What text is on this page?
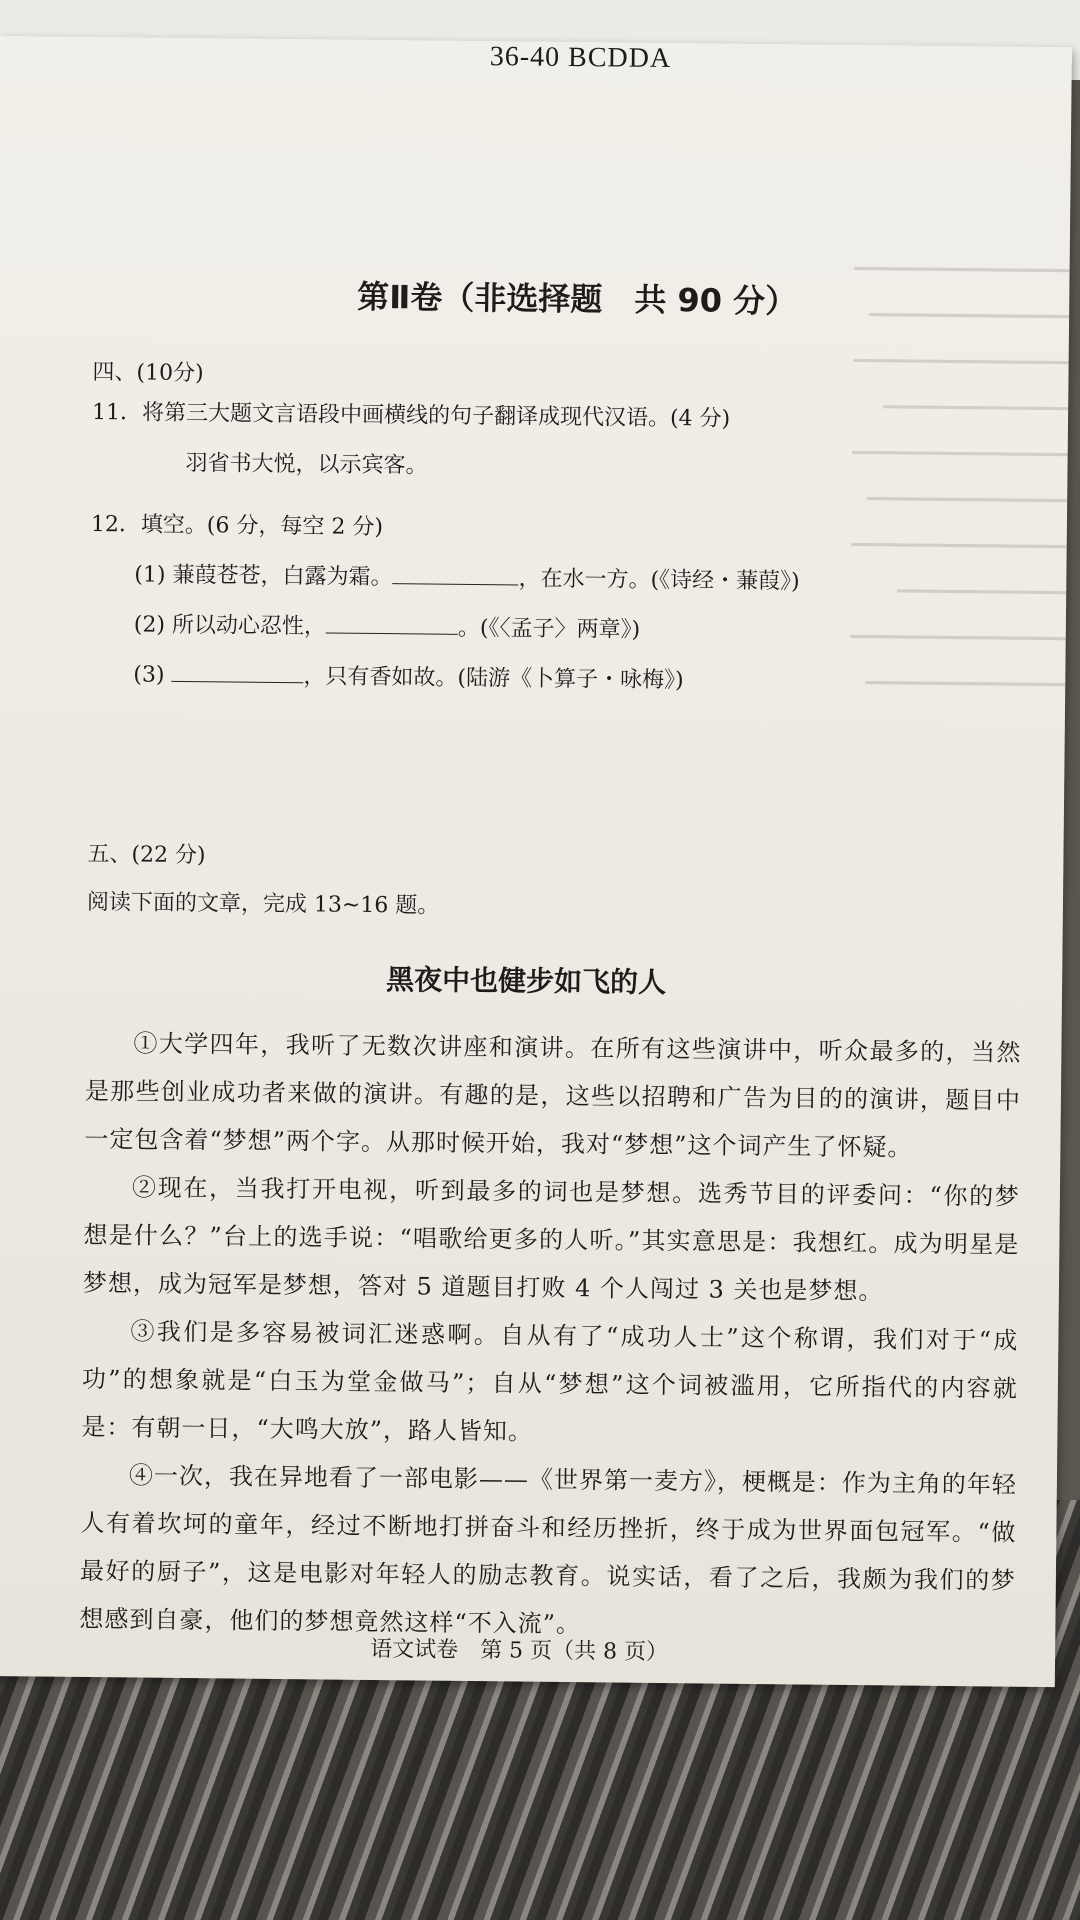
▁▁▁▁▁▁▁▁▁▁▁▁▁▁
▁▁▁▁▁▁▁▁▁▁▁▁▁
▁▁▁▁▁▁▁▁▁▁▁▁▁▁
▁▁▁▁▁▁▁▁▁▁▁▁
▁▁▁▁▁▁▁▁▁▁▁▁▁▁
▁▁▁▁▁▁▁▁▁▁▁▁▁
▁▁▁▁▁▁▁▁▁▁▁▁▁▁
▁▁▁▁▁▁▁▁▁▁▁
▁▁▁▁▁▁▁▁▁▁▁▁▁▁
▁▁▁▁▁▁▁▁▁▁▁▁▁
36-40 BCDDA
第Ⅱ卷（非选择题　共 90 分）
四、(10分)
11．将第三大题文言语段中画横线的句子翻译成现代汉语。(4 分)
羽省书大悦，以示宾客。
12．填空。(6 分，每空 2 分)
(1) 蒹葭苍苍，白露为霜。	，在水一方。(《诗经・蒹葭》)
(2) 所以动心忍性，	。(《〈孟子〉两章》)
(3)	，只有香如故。(陆游《卜算子・咏梅》)
五、(22 分)
阅读下面的文章，完成 13~16 题。
黑夜中也健步如飞的人
①大学四年，我听了无数次讲座和演讲。在所有这些演讲中，听众最多的，当然是那些创业成功者来做的演讲。有趣的是，这些以招聘和广告为目的的演讲，题目中一定包含着“梦想”两个字。从那时候开始，我对“梦想”这个词产生了怀疑。
②现在，当我打开电视，听到最多的词也是梦想。选秀节目的评委问：“你的梦想是什么？”台上的选手说：“唱歌给更多的人听。”其实意思是：我想红。成为明星是梦想，成为冠军是梦想，答对 5 道题目打败 4 个人闯过 3 关也是梦想。
③我们是多容易被词汇迷惑啊。自从有了“成功人士”这个称谓，我们对于“成功”的想象就是“白玉为堂金做马”；自从“梦想”这个词被滥用，它所指代的内容就是：有朝一日，“大鸣大放”，路人皆知。
④一次，我在异地看了一部电影——《世界第一麦方》，梗概是：作为主角的年轻人有着坎坷的童年，经过不断地打拼奋斗和经历挫折，终于成为世界面包冠军。“做最好的厨子”，这是电影对年轻人的励志教育。说实话，看了之后，我颇为我们的梦想感到自豪，他们的梦想竟然这样“不入流”。
语文试卷　第 5 页（共 8 页）
